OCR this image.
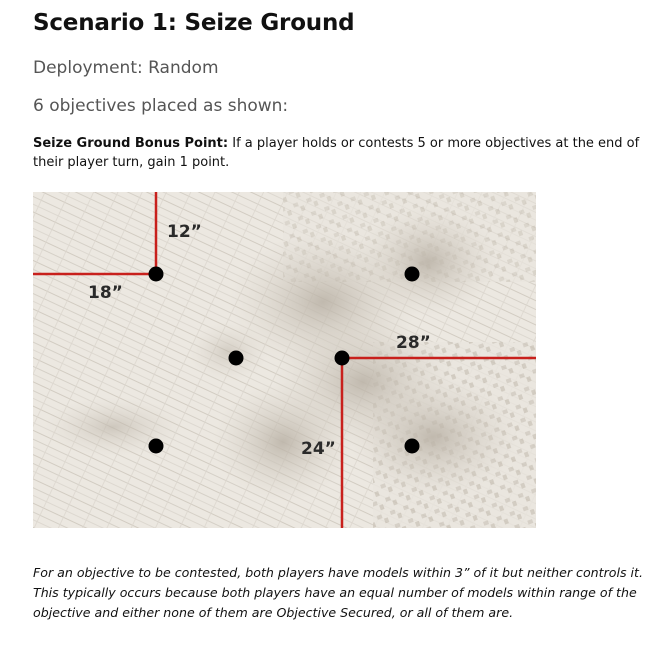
Scenario 1: Seize Ground
Deployment: Random
6 objectives placed as shown:
Seize Ground Bonus Point: If a player holds or contests 5 or more objectives at the end of their player turn, gain 1 point.
12”
18”
28”
24”
For an objective to be contested, both players have models within 3” of it but neither controls it. This typically occurs because both players have an equal number of models within range of the objective and either none of them are Objective Secured, or all of them are.
